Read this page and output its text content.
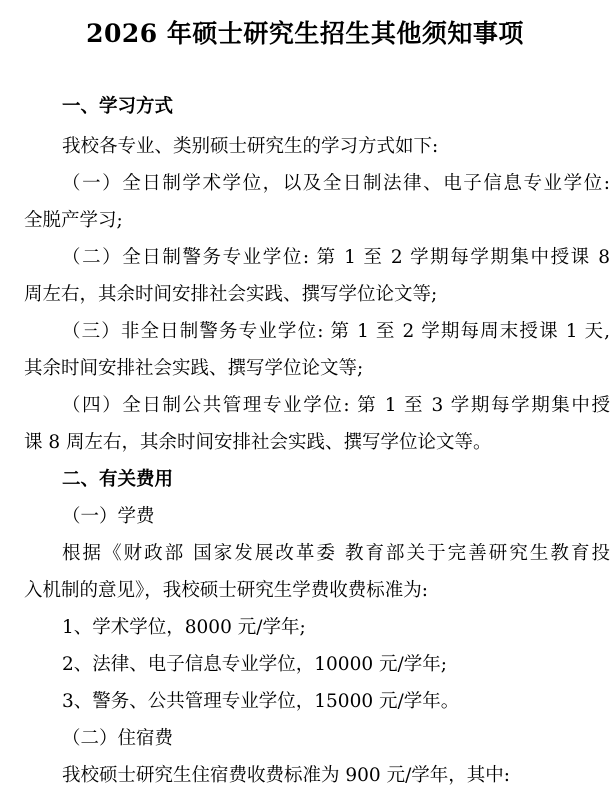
2026 年硕士研究生招生其他须知事项
一、学习方式
我校各专业、类别硕士研究生的学习方式如下:
（一）全日制学术学位，以及全日制法律、电子信息专业学位:
全脱产学习;
（二）全日制警务专业学位: 第 1 至 2 学期每学期集中授课 8
周左右，其余时间安排社会实践、撰写学位论文等;
（三）非全日制警务专业学位: 第 1 至 2 学期每周末授课 1 天,
其余时间安排社会实践、撰写学位论文等;
（四）全日制公共管理专业学位: 第 1 至 3 学期每学期集中授
课 8 周左右，其余时间安排社会实践、撰写学位论文等。
二、有关费用
（一）学费
根据《财政部 国家发展改革委 教育部关于完善研究生教育投
入机制的意见》，我校硕士研究生学费收费标准为:
1、学术学位，8000 元/学年;
2、法律、电子信息专业学位，10000 元/学年;
3、警务、公共管理专业学位，15000 元/学年。
（二）住宿费
我校硕士研究生住宿费收费标准为 900 元/学年，其中:
